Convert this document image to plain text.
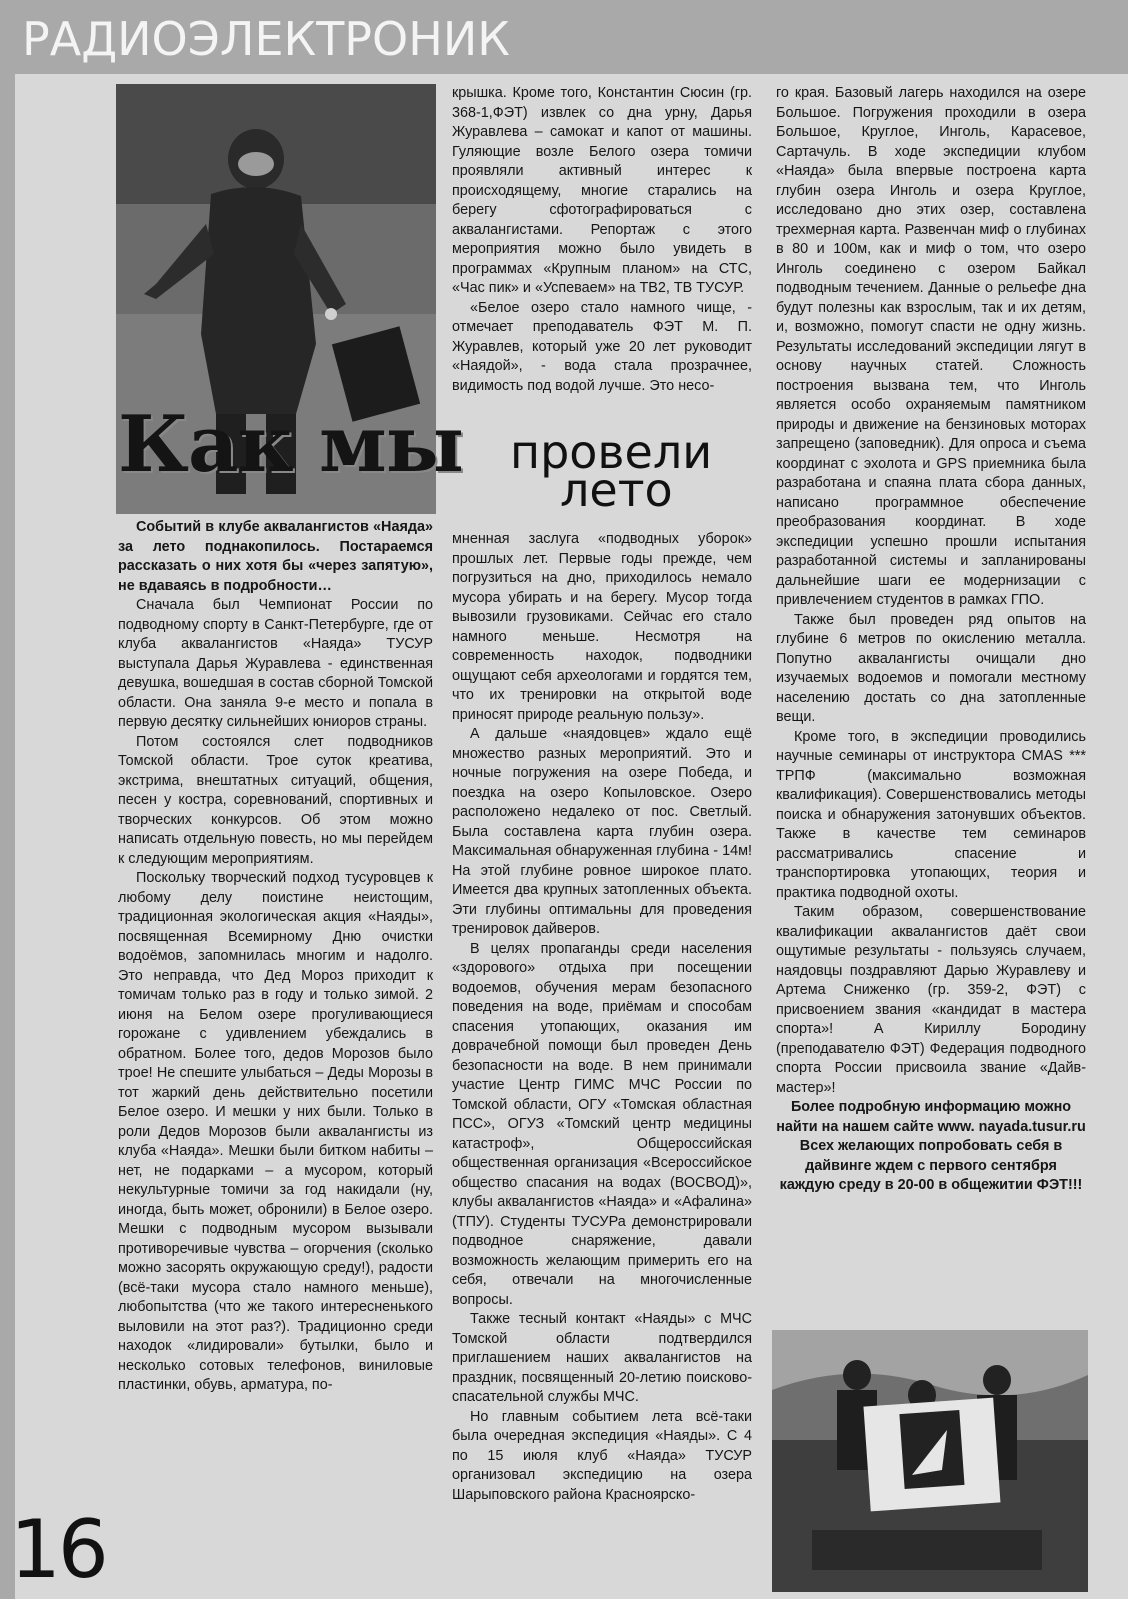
РАДИОЭЛЕКТРОНИК
Как мы провели
лето

Событий в клубе аквалангистов «Наяда» за лето поднакопилось. Постараемся рассказать о них хотя бы «через запятую», не вдаваясь в подробности…

Сначала был Чемпионат России по подводному спорту в Санкт-Петербурге, где от клуба аквалангистов «Наяда» ТУСУР выступала Дарья Журавлева - единственная девушка, вошедшая в состав сборной Томской области. Она заняла 9-е место и попала в первую десятку сильнейших юниоров страны.

Потом состоялся слет подводников Томской области. Трое суток креатива, экстрима, внештатных ситуаций, общения, песен у костра, соревнований, спортивных и творческих конкурсов. Об этом можно написать отдельную повесть, но мы перейдем к следующим мероприятиям.

Поскольку творческий подход тусуровцев к любому делу поистине неистощим, традиционная экологическая акция «Наяды», посвященная Всемирному Дню очистки водоёмов, запомнилась многим и надолго. Это неправда, что Дед Мороз приходит к томичам только раз в году и только зимой. 2 июня на Белом озере прогуливающиеся горожане с удивлением убеждались в обратном. Более того, дедов Морозов было трое! Не спешите улыбаться – Деды Морозы в тот жаркий день действительно посетили Белое озеро. И мешки у них были. Только в роли Дедов Морозов были аквалангисты из клуба «Наяда». Мешки были битком набиты – нет, не подарками – а мусором, который некультурные томичи за год накидали (ну, иногда, быть может, обронили) в Белое озеро. Мешки с подводным мусором вызывали противоречивые чувства – огорчения (сколько можно засорять окружающую среду!), радости (всё-таки мусора стало намного меньше), любопытства (что же такого интересненького выловили на этот раз?). Традиционно среди находок «лидировали» бутылки, было и несколько сотовых телефонов, виниловые пластинки, обувь, арматура, по-

крышка. Кроме того, Константин Сюсин (гр. 368-1,ФЭТ) извлек со дна урну, Дарья Журавлева – самокат и капот от машины. Гуляющие возле Белого озера томичи проявляли активный интерес к происходящему, многие старались на берегу сфотографироваться с аквалангистами. Репортаж с этого мероприятия можно было увидеть в программах «Крупным планом» на СТС, «Час пик» и «Успеваем» на ТВ2, ТВ ТУСУР.

«Белое озеро стало намного чище, - отмечает преподаватель ФЭТ М. П. Журавлев, который уже 20 лет руководит «Наядой», - вода стала прозрачнее, видимость под водой лучше. Это несо-

мненная заслуга «подводных уборок» прошлых лет. Первые годы прежде, чем погрузиться на дно, приходилось немало мусора убирать и на берегу. Мусор тогда вывозили грузовиками. Сейчас его стало намного меньше. Несмотря на современность находок, подводники ощущают себя археологами и гордятся тем, что их тренировки на открытой воде приносят природе реальную пользу».

А дальше «наядовцев» ждало ещё множество разных мероприятий. Это и ночные погружения на озере Победа, и поездка на озеро Копыловское. Озеро расположено недалеко от пос. Светлый. Была составлена карта глубин озера. Максимальная обнаруженная глубина - 14м! На этой глубине ровное широкое плато. Имеется два крупных затопленных объекта. Эти глубины оптимальны для проведения тренировок дайверов.

В целях пропаганды среди населения «здорового» отдыха при посещении водоемов, обучения мерам безопасного поведения на воде, приёмам и способам спасения утопающих, оказания им доврачебной помощи был проведен День безопасности на воде. В нем принимали участие Центр ГИМС МЧС России по Томской области, ОГУ «Томская областная ПСС», ОГУЗ «Томский центр медицины катастроф», Общероссийская общественная организация «Всероссийское общество спасания на водах (ВОСВОД)», клубы аквалангистов «Наяда» и «Афалина» (ТПУ). Студенты ТУСУРа демонстрировали подводное снаряжение, давали возможность желающим примерить его на себя, отвечали на многочисленные вопросы.

Также тесный контакт «Наяды» с МЧС Томской области подтвердился приглашением наших аквалангистов на праздник, посвященный 20-летию поисково-спасательной службы МЧС.

Но главным событием лета всё-таки была очередная экспедиция «Наяды». С 4 по 15 июля клуб «Наяда» ТУСУР организовал экспедицию на озера Шарыповского района Красноярско-

го края. Базовый лагерь находился на озере Большое. Погружения проходили в озера Большое, Круглое, Инголь, Карасевое, Сартачуль. В ходе экспедиции клубом «Наяда» была впервые построена карта глубин озера Инголь и озера Круглое, исследовано дно этих озер, составлена трехмерная карта. Развенчан миф о глубинах в 80 и 100м, как и миф о том, что озеро Инголь соединено с озером Байкал подводным течением. Данные о рельефе дна будут полезны как взрослым, так и их детям, и, возможно, помогут спасти не одну жизнь. Результаты исследований экспедиции лягут в основу научных статей. Сложность построения вызвана тем, что Инголь является особо охраняемым памятником природы и движение на бензиновых моторах запрещено (заповедник). Для опроса и съема координат с эхолота и GPS приемника была разработана и спаяна плата сбора данных, написано программное обеспечение преобразования координат. В ходе экспедиции успешно прошли испытания разработанной системы и запланированы дальнейшие шаги ее модернизации с привлечением студентов в рамках ГПО.

Также был проведен ряд опытов на глубине 6 метров по окислению металла. Попутно аквалангисты очищали дно изучаемых водоемов и помогали местному населению достать со дна затопленные вещи.

Кроме того, в экспедиции проводились научные семинары от инструктора CMAS *** ТРПФ (максимально возможная квалификация). Совершенствовались методы поиска и обнаружения затонувших объектов. Также в качестве тем семинаров рассматривались спасение и транспортировка утопающих, теория и практика подводной охоты.

Таким образом, совершенствование квалификации аквалангистов даёт свои ощутимые результаты - пользуясь случаем, наядовцы поздравляют Дарью Журавлеву и Артема Сниженко (гр. 359-2, ФЭТ) с присвоением звания «кандидат в мастера спорта»! А Кириллу Бородину (преподавателю ФЭТ) Федерация подводного спорта России присвоила звание «Дайв-мастер»!

Более подробную информацию можно найти на нашем сайте www. nayada.tusur.ru

Всех желающих попробовать себя в дайвинге ждем с первого сентября каждую среду в 20-00 в общежитии ФЭТ!!!

16
